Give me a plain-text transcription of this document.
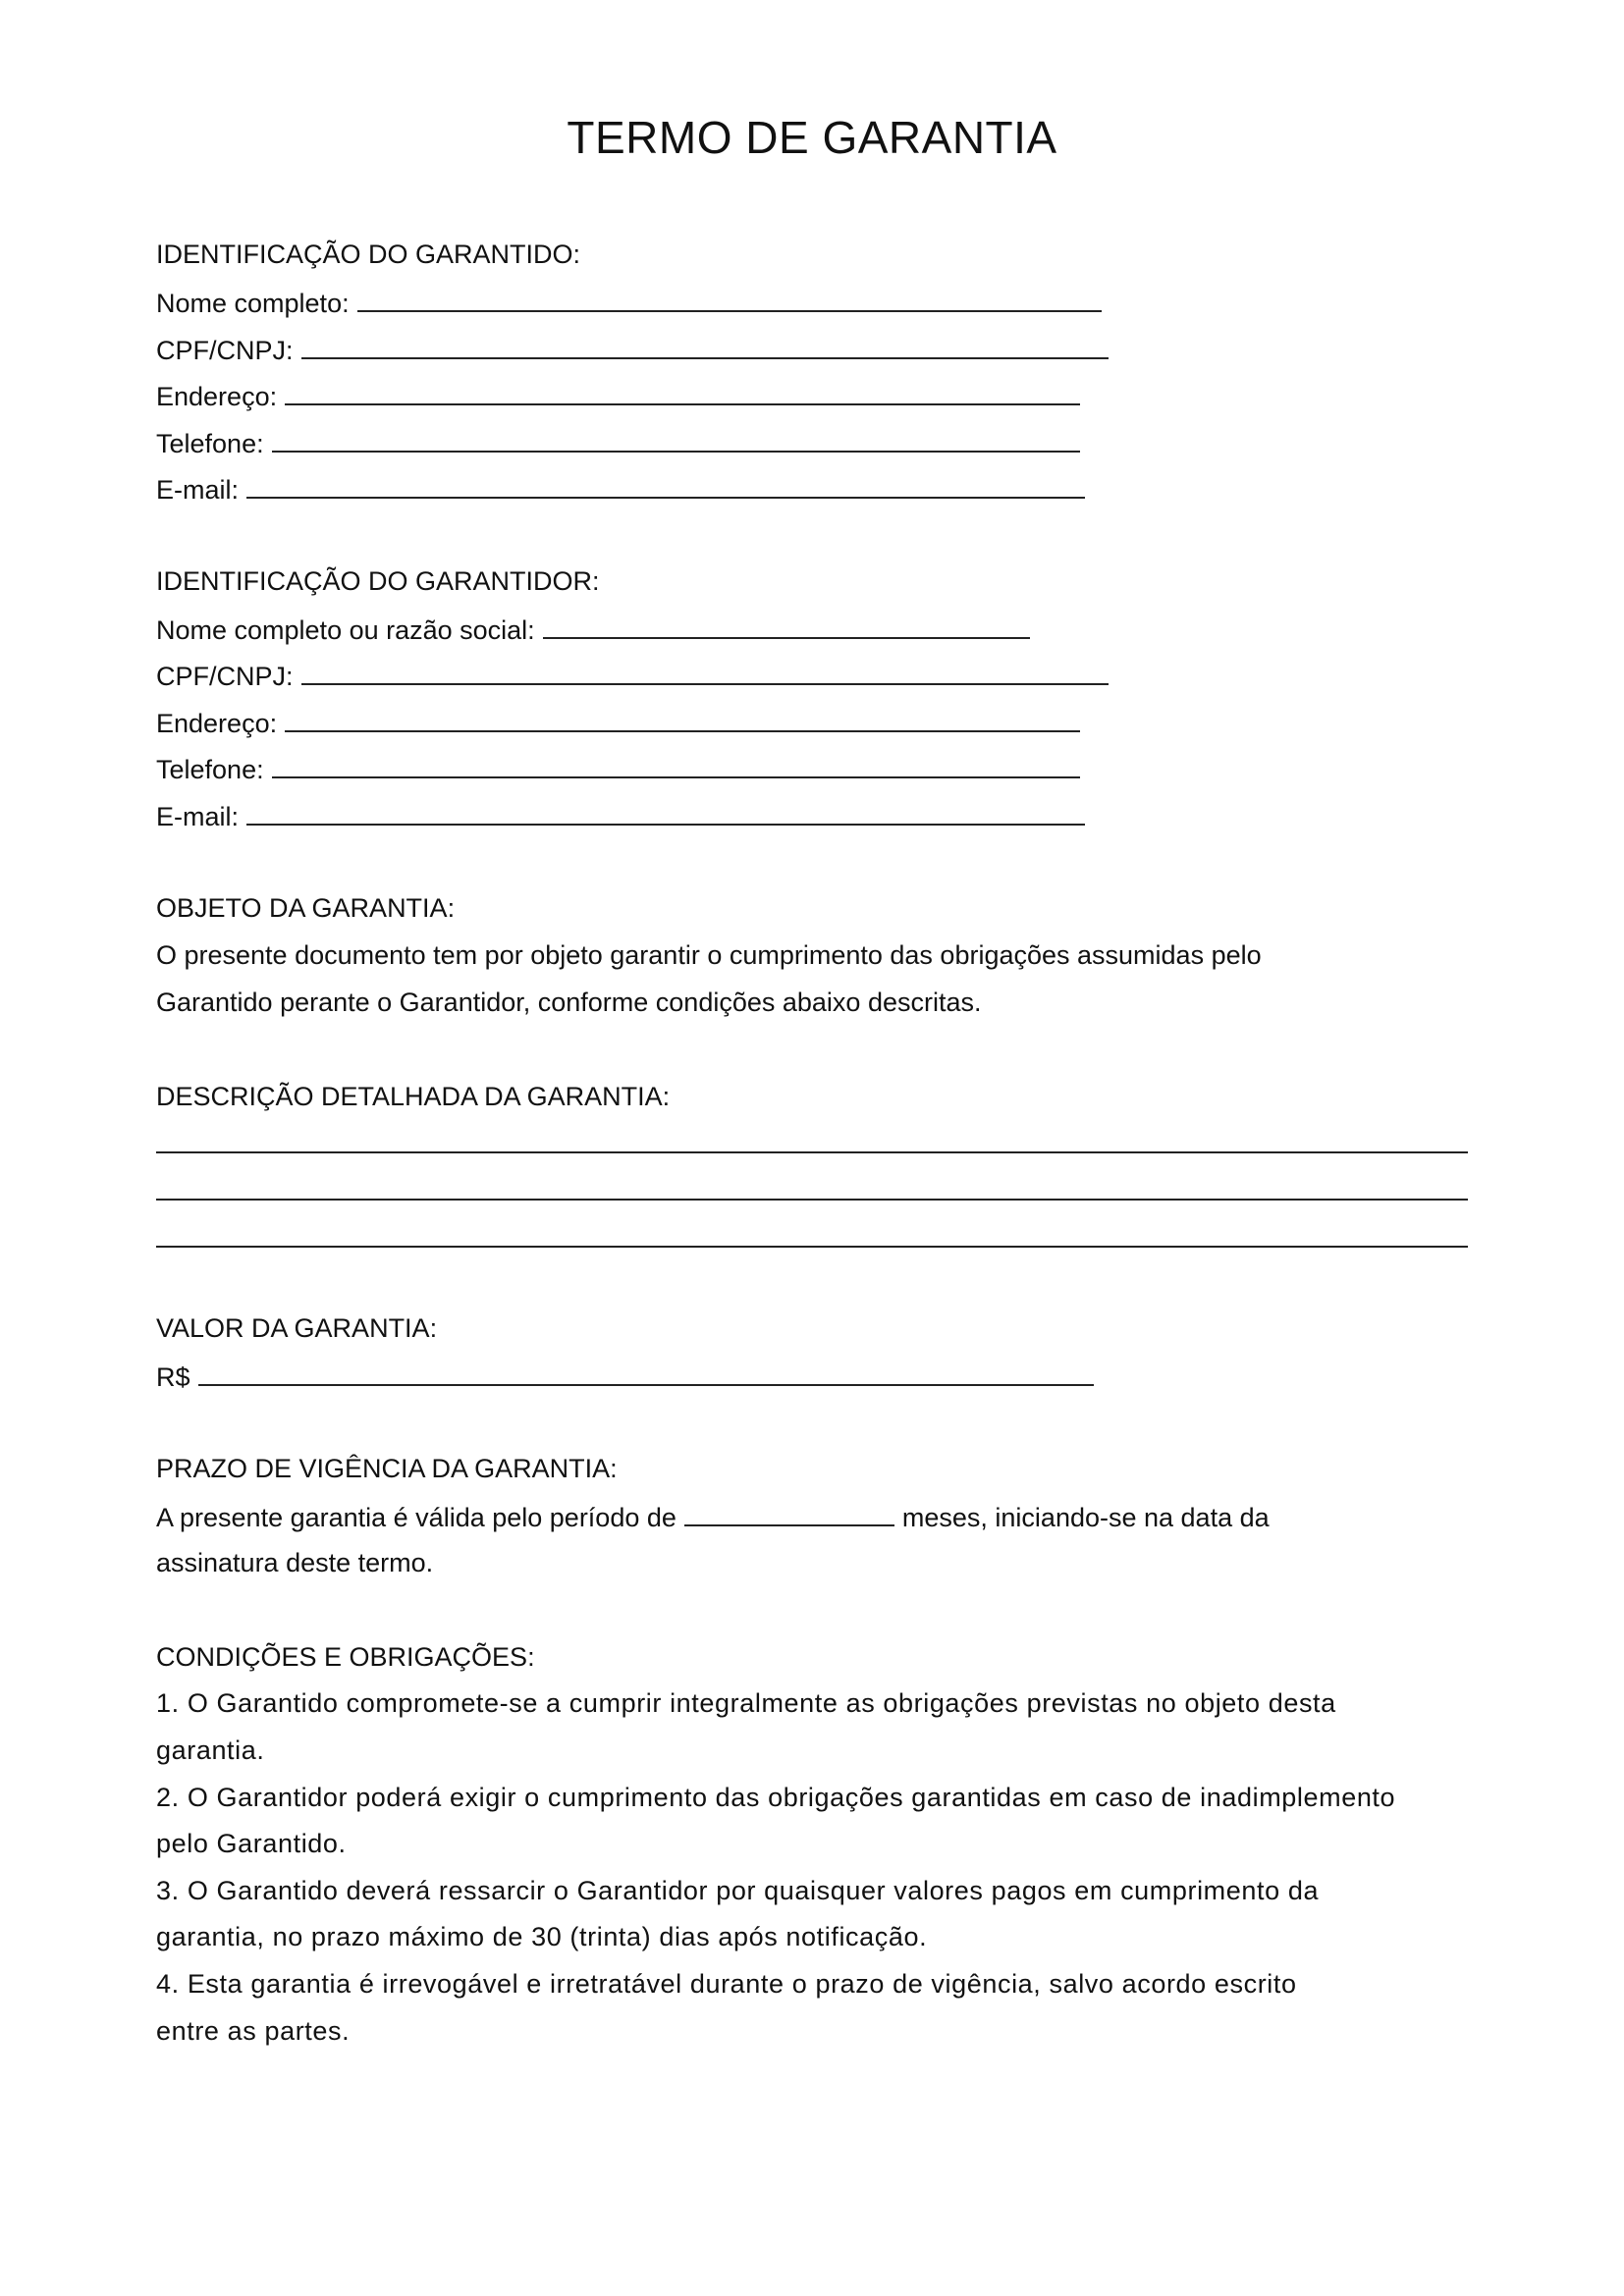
TERMO DE GARANTIA
IDENTIFICAÇÃO DO GARANTIDO:
Nome completo:
CPF/CNPJ:
Endereço:
Telefone:
E-mail:
IDENTIFICAÇÃO DO GARANTIDOR:
Nome completo ou razão social:
CPF/CNPJ:
Endereço:
Telefone:
E-mail:
OBJETO DA GARANTIA:
O presente documento tem por objeto garantir o cumprimento das obrigações assumidas pelo
Garantido perante o Garantidor, conforme condições abaixo descritas.
DESCRIÇÃO DETALHADA DA GARANTIA:
VALOR DA GARANTIA:
R$
PRAZO DE VIGÊNCIA DA GARANTIA:
A presente garantia é válida pelo período de	meses, iniciando-se na data da
assinatura deste termo.
CONDIÇÕES E OBRIGAÇÕES:
1. O Garantido compromete-se a cumprir integralmente as obrigações previstas no objeto desta
garantia.
2. O Garantidor poderá exigir o cumprimento das obrigações garantidas em caso de inadimplemento
pelo Garantido.
3. O Garantido deverá ressarcir o Garantidor por quaisquer valores pagos em cumprimento da
garantia, no prazo máximo de 30 (trinta) dias após notificação.
4. Esta garantia é irrevogável e irretratável durante o prazo de vigência, salvo acordo escrito
entre as partes.
